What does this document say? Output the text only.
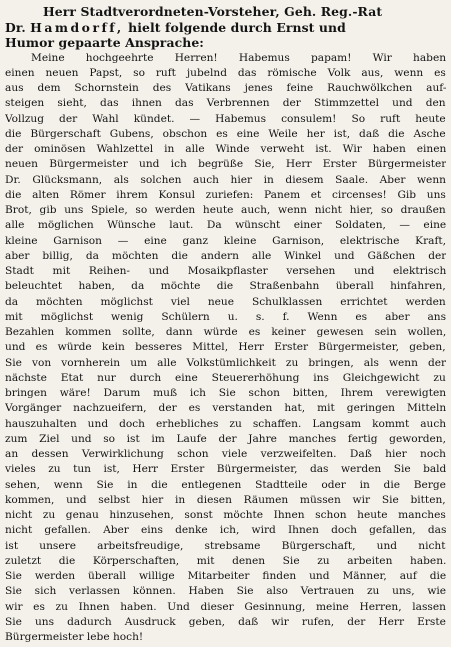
Herr Stadtverordneten-Vorsteher, Geh. Reg.-Rat
Dr. Hamdorff, hielt folgende durch Ernst und
Humor gepaarte Ansprache:
Meine hochgeehrte Herren! Habemus papam! Wir haben
einen neuen Papst, so ruft jubelnd das römische Volk aus, wenn es
aus dem Schornstein des Vatikans jenes feine Rauchwölkchen auf-
steigen sieht, das ihnen das Verbrennen der Stimmzettel und den
Vollzug der Wahl kündet. — Habemus consulem! So ruft heute
die Bürgerschaft Gubens, obschon es eine Weile her ist, daß die Asche
der ominösen Wahlzettel in alle Winde verweht ist. Wir haben einen
neuen Bürgermeister und ich begrüße Sie, Herr Erster Bürgermeister
Dr. Glücksmann, als solchen auch hier in diesem Saale. Aber wenn
die alten Römer ihrem Konsul zuriefen: Panem et circenses! Gib uns
Brot, gib uns Spiele, so werden heute auch, wenn nicht hier, so draußen
alle möglichen Wünsche laut. Da wünscht einer Soldaten, — eine
kleine Garnison — eine ganz kleine Garnison, elektrische Kraft,
aber billig, da möchten die andern alle Winkel und Gäßchen der
Stadt mit Reihen- und Mosaikpflaster versehen und elektrisch
beleuchtet haben, da möchte die Straßenbahn überall hinfahren,
da möchten möglichst viel neue Schulklassen errichtet werden
mit möglichst wenig Schülern u. s. f. Wenn es aber ans
Bezahlen kommen sollte, dann würde es keiner gewesen sein wollen,
und es würde kein besseres Mittel, Herr Erster Bürgermeister, geben,
Sie von vornherein um alle Volkstümlichkeit zu bringen, als wenn der
nächste Etat nur durch eine Steuererhöhung ins Gleichgewicht zu
bringen wäre! Darum muß ich Sie schon bitten, Ihrem verewigten
Vorgänger nachzueifern, der es verstanden hat, mit geringen Mitteln
hauszuhalten und doch erhebliches zu schaffen. Langsam kommt auch
zum Ziel und so ist im Laufe der Jahre manches fertig geworden,
an dessen Verwirklichung schon viele verzweifelten. Daß hier noch
vieles zu tun ist, Herr Erster Bürgermeister, das werden Sie bald
sehen, wenn Sie in die entlegenen Stadtteile oder in die Berge
kommen, und selbst hier in diesen Räumen müssen wir Sie bitten,
nicht zu genau hinzusehen, sonst möchte Ihnen schon heute manches
nicht gefallen. Aber eins denke ich, wird Ihnen doch gefallen, das
ist unsere arbeitsfreudige, strebsame Bürgerschaft, und nicht
zuletzt die Körperschaften, mit denen Sie zu arbeiten haben.
Sie werden überall willige Mitarbeiter finden und Männer, auf die
Sie sich verlassen können. Haben Sie also Vertrauen zu uns, wie
wir es zu Ihnen haben. Und dieser Gesinnung, meine Herren, lassen
Sie uns dadurch Ausdruck geben, daß wir rufen, der Herr Erste
Bürgermeister lebe hoch!
